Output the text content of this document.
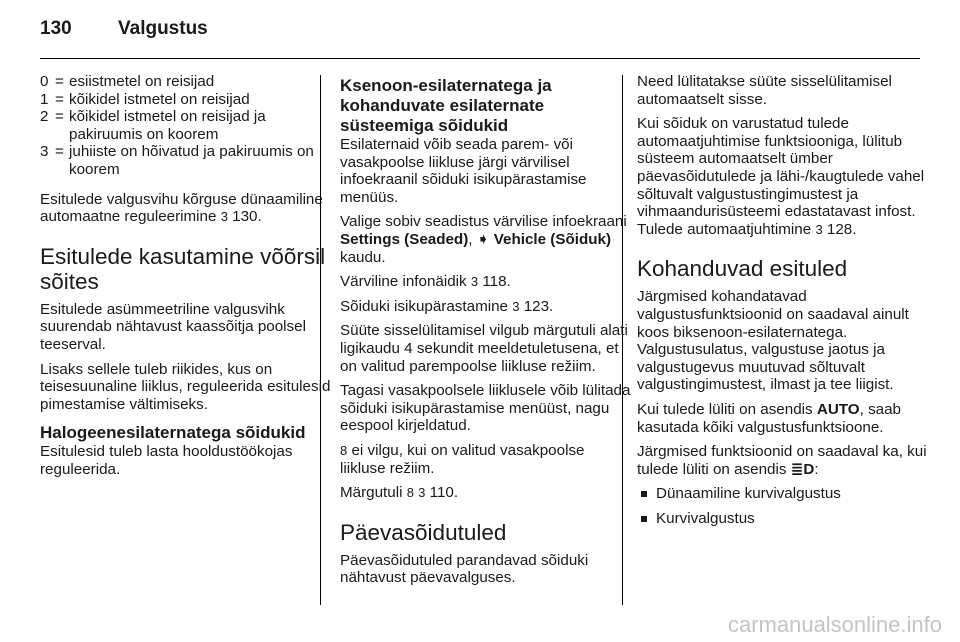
130 Valgustus
0 = esiistmetel on reisijad
1 = kõikidel istmetel on reisijad
2 = kõikidel istmetel on reisijad ja pakiruumis on koorem
3 = juhiiste on hõivatud ja pakiruumis on koorem

Esitulede valgusvihu kõrguse dünaamiline automaatne reguleerimine 3 130.

Esitulede kasutamine võõrsil sõites

Esitulede asümmeetriline valgusvihk suurendab nähtavust kaassõitja poolsel teeserval.

Lisaks sellele tuleb riikides, kus on teisesuunaline liiklus, reguleerida esitulesid pimestamise vältimiseks.

Halogeenesilaternatega sõidukid

Esitulesid tuleb lasta hooldustöökojas reguleerida.

Ksenoon-esilaternatega ja kohanduvate esilaternate süsteemiga sõidukid

Esilaternaid võib seada parem- või vasakpoolse liikluse järgi värvilisel infoekraanil sõiduki isikupärastamise menüüs.

Valige sobiv seadistus värvilise infoekraani Settings (Seaded), ➧ Vehicle (Sõiduk) kaudu.

Värviline infonäidik 3 118.

Sõiduki isikupärastamine 3 123.

Süüte sisselülitamisel vilgub märgutuli alati ligikaudu 4 sekundit meeldetuletusena, et on valitud parempoolse liikluse režiim.

Tagasi vasakpoolsele liiklusele võib lülitada sõiduki isikupärastamise menüüst, nagu eespool kirjeldatud.

8 ei vilgu, kui on valitud vasakpoolse liikluse režiim.

Märgutuli 8 3 110.

Päevasõidutuled

Päevasõidutuled parandavad sõiduki nähtavust päevavalguses.

Need lülitatakse süüte sisselülitamisel automaatselt sisse.

Kui sõiduk on varustatud tulede automaatjuhtimise funktsiooniga, lülitub süsteem automaatselt ümber päevasõidutulede ja lähi-/kaugtulede vahel sõltuvalt valgustustingimustest ja vihmaandurisüsteemi edastatavast infost. Tulede automaatjuhtimine 3 128.

Kohanduvad esituled

Järgmised kohandatavad valgustusfunktsioonid on saadaval ainult koos biksenoon-esilaternatega. Valgustusulatus, valgustuse jaotus ja valgustugevus muutuvad sõltuvalt valgustingimustest, ilmast ja tee liigist.

Kui tulede lüliti on asendis AUTO, saab kasutada kõiki valgustusfunktsioone.

Järgmised funktsioonid on saadaval ka, kui tulede lüliti on asendis ≣D:

Dünaamiline kurvivalgustus
Kurvivalgustus
carmanualsonline.info
